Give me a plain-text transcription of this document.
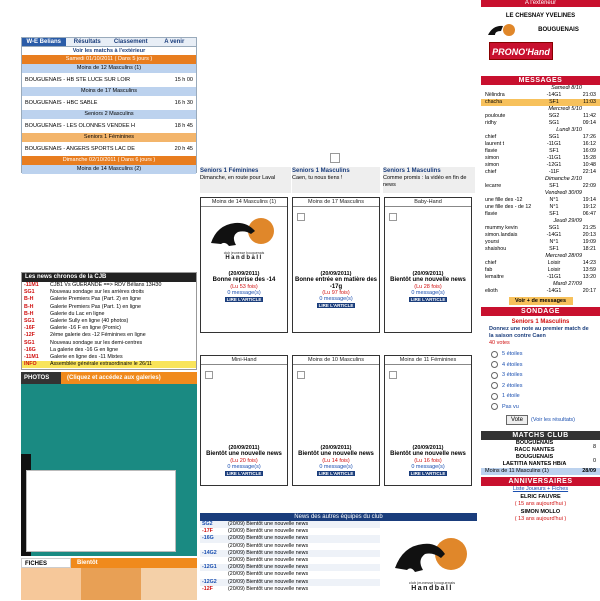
W-E Belians	Résultats	Classement	A venir
Voir les matchs à l'extérieur
Samedi 01/10/2011 ( Dans 5 jours )
Moins de 12 Masculins (1)
BOUGUENAIS - HB STE LUCE SUR LOIR	15 h 00
Moins de 17 Masculins
BOUGUENAIS - HBC SABLE	16 h 30
Seniors 2 Masculins
BOUGUENAIS - LES OLONNES VENDEE H	18 h 45
Seniors 1 Féminines
BOUGUENAIS - ANGERS SPORTS LAC DE	20 h 45
Dimanche 02/10/2011 ( Dans 6 jours )
Moins de 14 Masculins (2)
Les news chronos de la CJB
-11M1	CJB1 Vs GUERANDE ==> RDV Bélians 13H30
SG1	Nouveau sondage sur les arrières droits
B-H	Galerie Premiers Pas (Part. 2) en ligne
B-H	Galerie Premiers Pas (Part. 1) en ligne
B-H	Galerie du Lac en ligne
SG1	Galerie Sully en ligne (40 photos)
-16F	Galerie -16 F en ligne (Pornic)
-12F	2ème galerie des -12 Féminines en ligne
SG1	Nouveau sondage sur les demi-centres
-16G	La galerie des -16 G en ligne
-11M1	Galerie en ligne des -11 Mixtes
INFO	Assemblée générale extraordinaire le 26/11
PHOTOS	(Cliquez et accédez aux galeries)
FICHES	Bientôt
Seniors 1 Féminines
Dimanche, en route pour Laval
Seniors 1 Masculins
Caen, tu nous tiens !
Seniors 1 Masculins
Comme promis : la vidéo en fin de news
Moins de 14 Masculins (1)
club jeunesse bouguenais
Handball
(20/09/2011)
Bonne reprise des -14
(Lu 53 fois)
0 message(s)
LIRE L'ARTICLE
Moins de 17 Masculins
(20/09/2011)
Bonne entrée en matière des -17g
(Lu 97 fois)
0 message(s)
LIRE L'ARTICLE
Baby-Hand
(20/09/2011)
Bientôt une nouvelle news
(Lu 28 fois)
0 message(s)
LIRE L'ARTICLE
Mini-Hand
(20/09/2011)
Bientôt une nouvelle news
(Lu 20 fois)
0 message(s)
LIRE L'ARTICLE
Moins de 10 Masculins
(20/09/2011)
Bientôt une nouvelle news
(Lu 14 fois)
0 message(s)
LIRE L'ARTICLE
Moins de 11 Féminines
(20/09/2011)
Bientôt une nouvelle news
(Lu 16 fois)
0 message(s)
LIRE L'ARTICLE
News des autres équipes du club
SG2	(20/09) Bientôt une nouvelle news
-17F	(20/09) Bientôt une nouvelle news
-16G	(20/09) Bientôt une nouvelle news
(20/09) Bientôt une nouvelle news
-14G2	(20/09) Bientôt une nouvelle news
(20/09) Bientôt une nouvelle news
-12G1	(20/09) Bientôt une nouvelle news
(20/09) Bientôt une nouvelle news
-12G2	(20/09) Bientôt une nouvelle news
-12F	(20/09) Bientôt une nouvelle news
club jeunesse bouguenais
Handball
A l'extérieur
LE CHESNAY YVELINES
BOUGUENAIS
PRONO'Hand
MESSAGES
Samedi 8/10
Nëlindra	-14G1	21:03
chacha	SF1	11:03
Mercredi 5/10
pouloute	SG2	11:42
ridhy	SG1	09:14
Lundi 3/10
chief	SG1	17:26
laurent t	-11G1	16:12
flavie	SF1	16:09
simon	-11G1	15:28
simon	-12G1	10:48
chief	-11F	22:14
Dimanche 2/10
lecarre	SF1	22:09
Vendredi 30/09
une fille des -12	N°1	19:14
une fille des - de 12	N°1	19:12
flavie	SF1	06:47
Jeudi 29/09
mummy kevin	SG1	21:25
simon.landais	-14G1	20:13
yoursi	N°1	19:09
shaishou	SF1	18:21
Mercredi 28/09
chief	Loisir	14:23
fab	Loisir	13:59
lemaitre	-11G1	13:20
Mardi 27/09
elioth	-14G1	20:17
Voir + de messages
SONDAGE
Seniors 1 Masculins
Donnez une note au premier match de la saison contre Caen
40 votes
5 étoiles
4 étoiles
3 étoiles
2 étoiles
1 étoile
Pas vu
Vote	(Voir les résultats)
MATCHS CLUB
BOUGUENAIS
RACC NANTES	8
BOUGUENAIS
LAETITIA NANTES HB/A	0
Moins de 11 Masculins (1)	28/09
ANNIVERSAIRES
Liste Joueurs + Fiches
ELRIC FAUVRE
( 15 ans aujourd'hui )
SIMON MOLLO
( 13 ans aujourd'hui )
